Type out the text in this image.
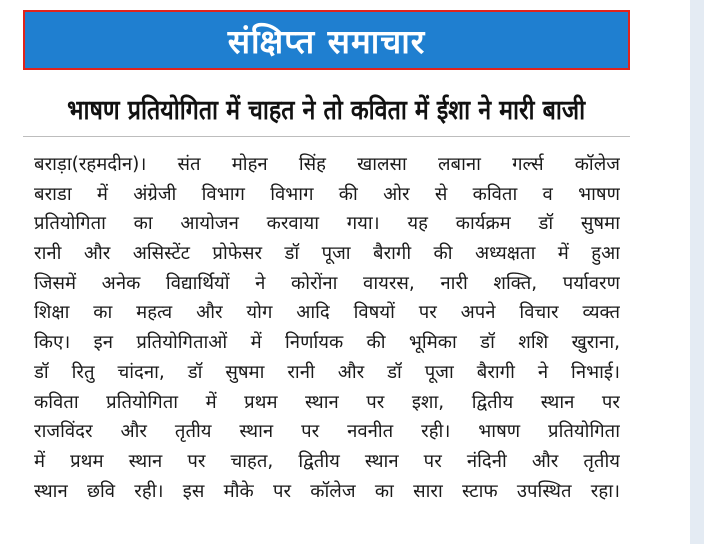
संक्षिप्त समाचार
भाषण प्रतियोगिता में चाहत ने तो कविता में ईशा ने मारी बाजी
बराड़ा(रहमदीन)। संत मोहन सिंह खालसा लबाना गर्ल्स कॉलेज
बराडा में अंग्रेजी विभाग विभाग की ओर से कविता व भाषण
प्रतियोगिता का आयोजन करवाया गया। यह कार्यक्रम डॉ सुषमा
रानी और असिस्टेंट प्रोफेसर डॉ पूजा बैरागी की अध्यक्षता में हुआ
जिसमें अनेक विद्यार्थियों ने कोरोंना वायरस, नारी शक्ति, पर्यावरण
शिक्षा का महत्व और योग आदि विषयों पर अपने विचार व्यक्त
किए। इन प्रतियोगिताओं में निर्णायक की भूमिका डॉ शशि खुराना,
डॉ रितु चांदना, डॉ सुषमा रानी और डॉ पूजा बैरागी ने निभाई।
कविता प्रतियोगिता में प्रथम स्थान पर इशा, द्वितीय स्थान पर
राजविंदर और तृतीय स्थान पर नवनीत रही। भाषण प्रतियोगिता
में प्रथम स्थान पर चाहत, द्वितीय स्थान पर नंदिनी और तृतीय
स्थान छवि रही। इस मौके पर कॉलेज का सारा स्टाफ उपस्थित रहा।
